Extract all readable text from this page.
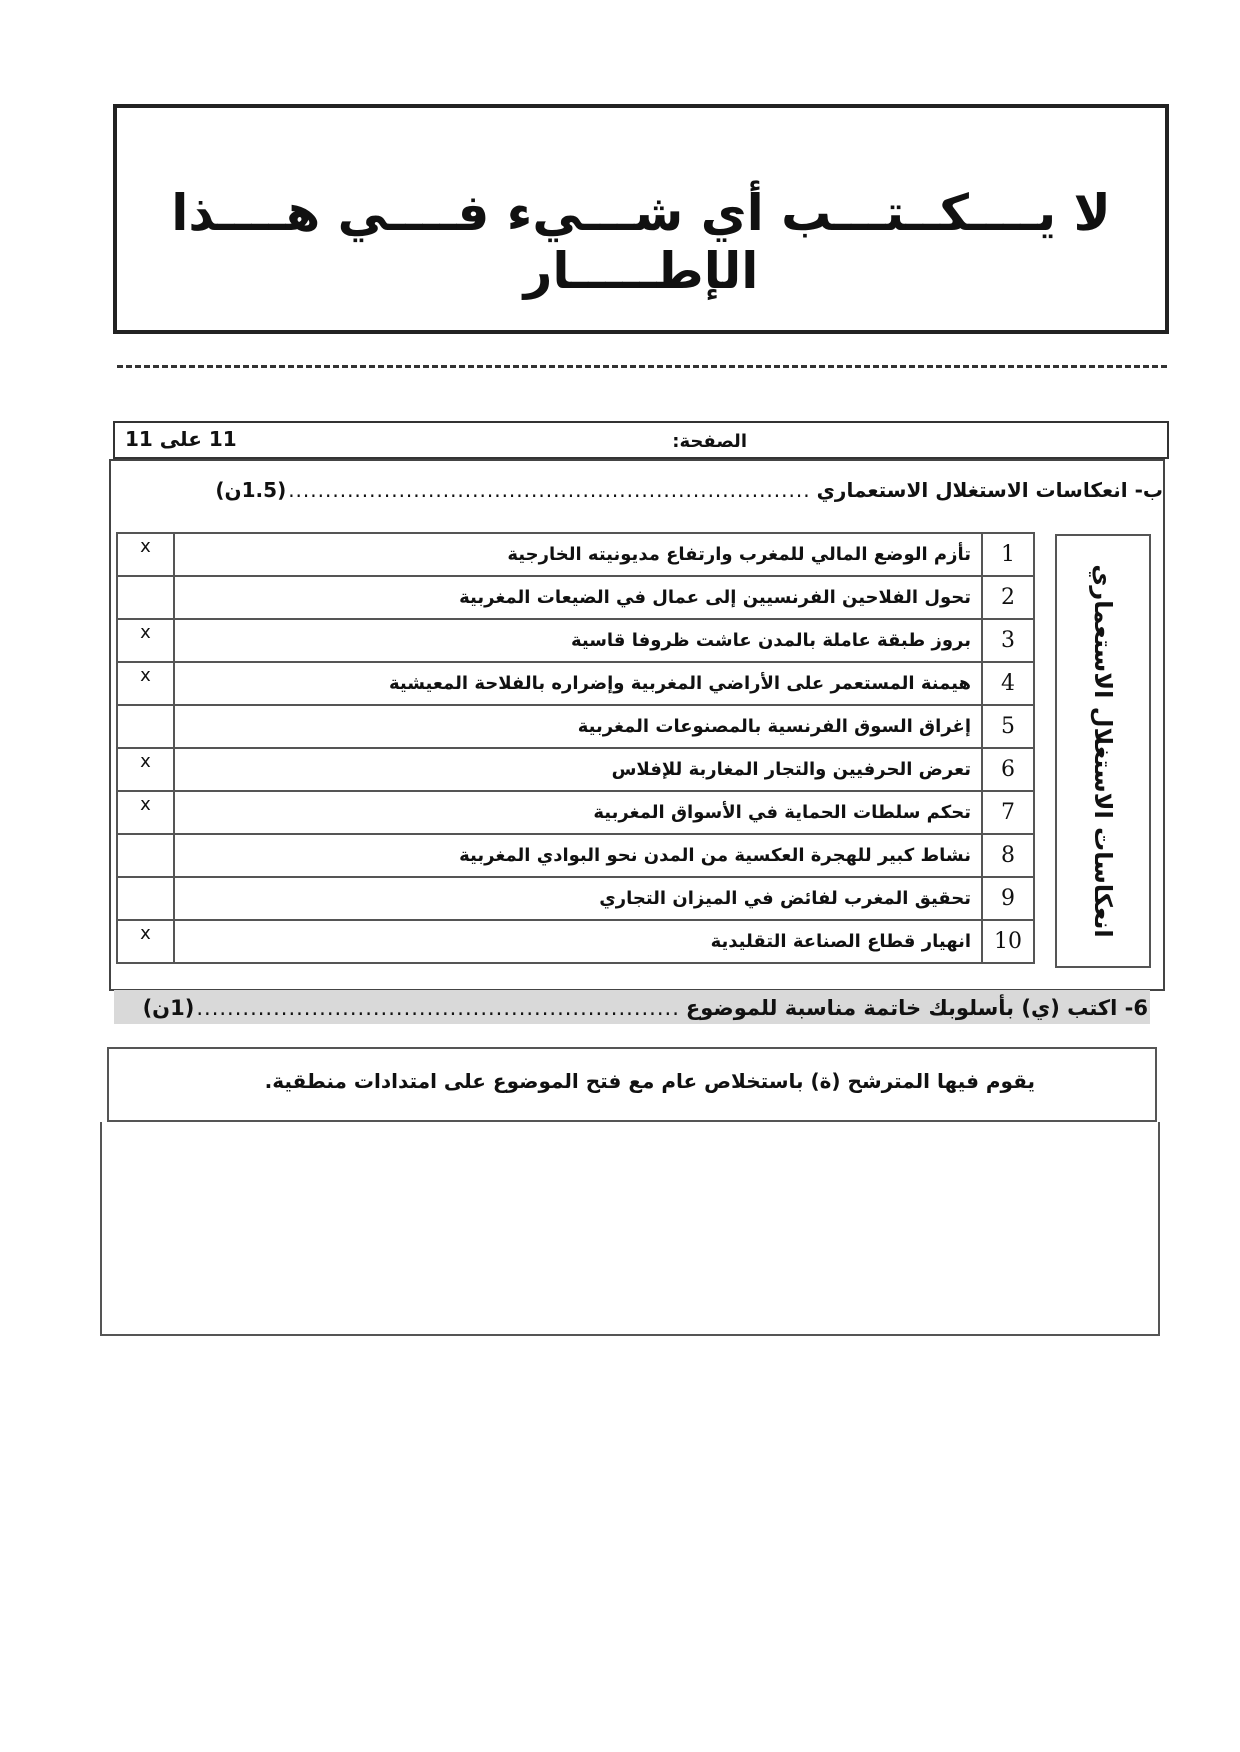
لا يــــكــتـــب أي شـــيء فــــي هــــذا الإطـــــار
الصفحة:
11 على 11
ب- انعكاسات الاستغلال الاستعماري
.......................................................................
(1.5ن)
1	تأزم الوضع المالي للمغرب وارتفاع مديونيته الخارجية	x
2	تحول الفلاحين الفرنسيين إلى عمال في الضيعات المغربية	
3	بروز طبقة عاملة بالمدن عاشت ظروفا قاسية	x
4	هيمنة المستعمر على الأراضي المغربية وإضراره بالفلاحة المعيشية	x
5	إغراق السوق الفرنسية بالمصنوعات المغربية	
6	تعرض الحرفيين والتجار المغاربة للإفلاس	x
7	تحكم سلطات الحماية في الأسواق المغربية	x
8	نشاط كبير للهجرة العكسية من المدن نحو البوادي المغربية	
9	تحقيق المغرب لفائض في الميزان التجاري	
10	انهيار قطاع الصناعة التقليدية	x	انعكاسات الاستغلال الاستعماري
6- اكتب (ي) بأسلوبك خاتمة مناسبة للموضوع
...............................................................
(1ن)
يقوم فيها المترشح (ة) باستخلاص عام مع فتح الموضوع على امتدادات منطقية.
